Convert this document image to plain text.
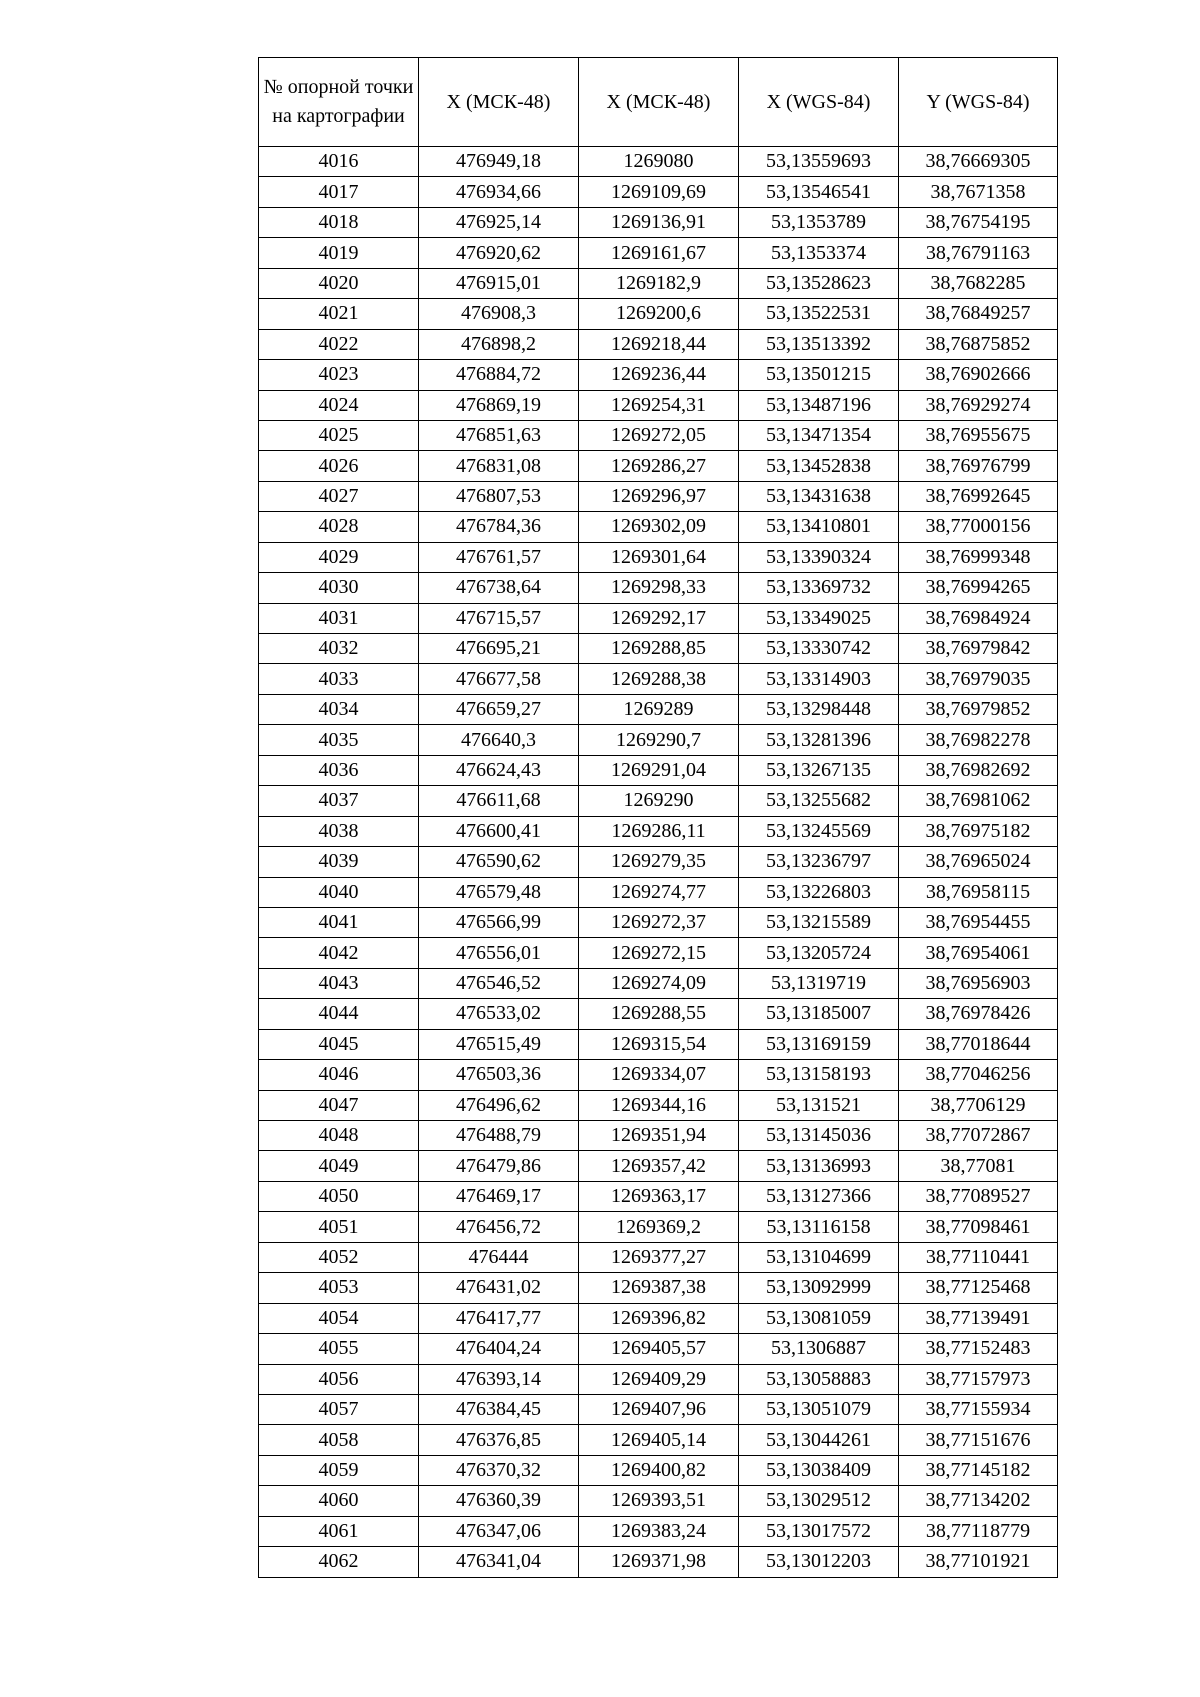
№ опорной точки на картографии	X (МСК-48)	X (МСК-48)	X (WGS-84)	Y (WGS-84)
4016	476949,18	1269080	53,13559693	38,76669305
4017	476934,66	1269109,69	53,13546541	38,7671358
4018	476925,14	1269136,91	53,1353789	38,76754195
4019	476920,62	1269161,67	53,1353374	38,76791163
4020	476915,01	1269182,9	53,13528623	38,7682285
4021	476908,3	1269200,6	53,13522531	38,76849257
4022	476898,2	1269218,44	53,13513392	38,76875852
4023	476884,72	1269236,44	53,13501215	38,76902666
4024	476869,19	1269254,31	53,13487196	38,76929274
4025	476851,63	1269272,05	53,13471354	38,76955675
4026	476831,08	1269286,27	53,13452838	38,76976799
4027	476807,53	1269296,97	53,13431638	38,76992645
4028	476784,36	1269302,09	53,13410801	38,77000156
4029	476761,57	1269301,64	53,13390324	38,76999348
4030	476738,64	1269298,33	53,13369732	38,76994265
4031	476715,57	1269292,17	53,13349025	38,76984924
4032	476695,21	1269288,85	53,13330742	38,76979842
4033	476677,58	1269288,38	53,13314903	38,76979035
4034	476659,27	1269289	53,13298448	38,76979852
4035	476640,3	1269290,7	53,13281396	38,76982278
4036	476624,43	1269291,04	53,13267135	38,76982692
4037	476611,68	1269290	53,13255682	38,76981062
4038	476600,41	1269286,11	53,13245569	38,76975182
4039	476590,62	1269279,35	53,13236797	38,76965024
4040	476579,48	1269274,77	53,13226803	38,76958115
4041	476566,99	1269272,37	53,13215589	38,76954455
4042	476556,01	1269272,15	53,13205724	38,76954061
4043	476546,52	1269274,09	53,1319719	38,76956903
4044	476533,02	1269288,55	53,13185007	38,76978426
4045	476515,49	1269315,54	53,13169159	38,77018644
4046	476503,36	1269334,07	53,13158193	38,77046256
4047	476496,62	1269344,16	53,131521	38,7706129
4048	476488,79	1269351,94	53,13145036	38,77072867
4049	476479,86	1269357,42	53,13136993	38,77081
4050	476469,17	1269363,17	53,13127366	38,77089527
4051	476456,72	1269369,2	53,13116158	38,77098461
4052	476444	1269377,27	53,13104699	38,77110441
4053	476431,02	1269387,38	53,13092999	38,77125468
4054	476417,77	1269396,82	53,13081059	38,77139491
4055	476404,24	1269405,57	53,1306887	38,77152483
4056	476393,14	1269409,29	53,13058883	38,77157973
4057	476384,45	1269407,96	53,13051079	38,77155934
4058	476376,85	1269405,14	53,13044261	38,77151676
4059	476370,32	1269400,82	53,13038409	38,77145182
4060	476360,39	1269393,51	53,13029512	38,77134202
4061	476347,06	1269383,24	53,13017572	38,77118779
4062	476341,04	1269371,98	53,13012203	38,77101921
